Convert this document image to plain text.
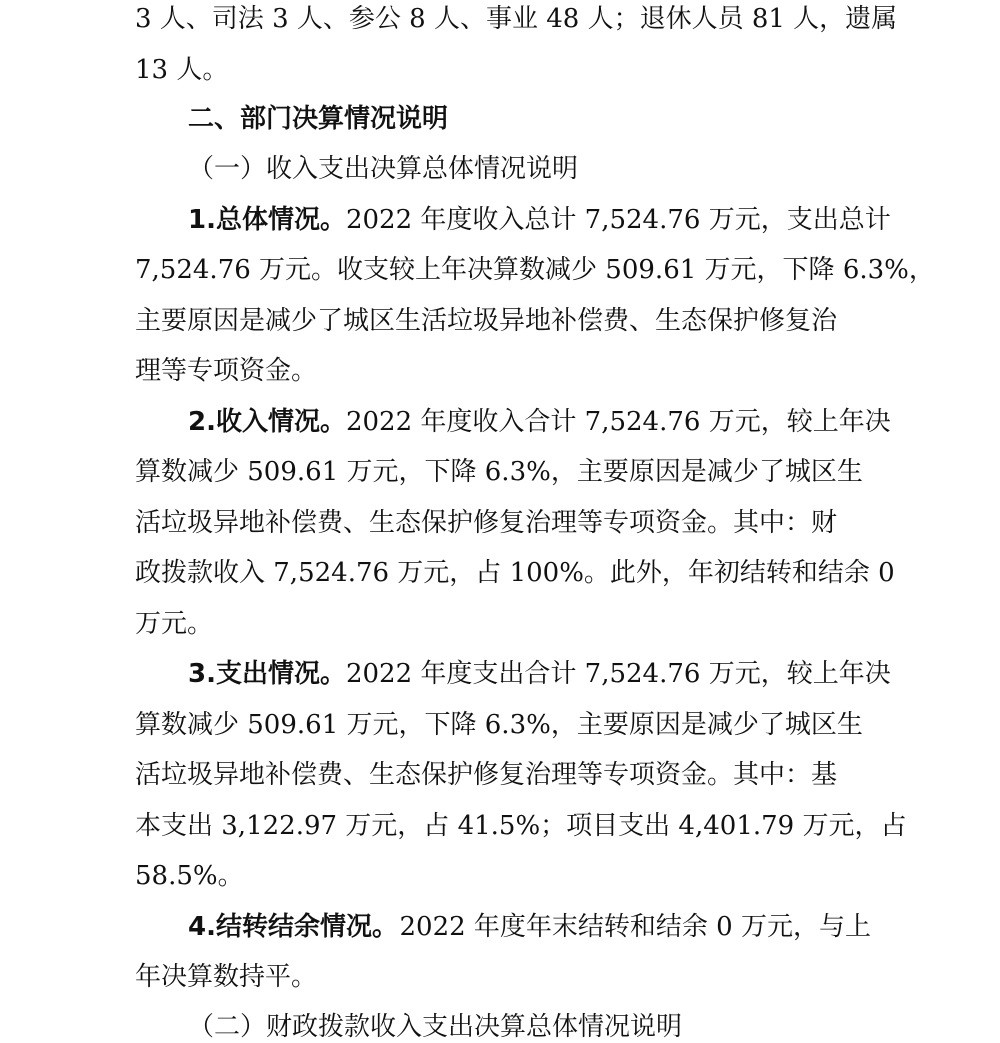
3 人、司法 3 人、参公 8 人、事业 48 人；退休人员 81 人，遗属
13 人。
二、部门决算情况说明
（一）收入支出决算总体情况说明
1.总体情况。 2022 年度收入总计 7,524.76 万元，支出总计
7,524.76 万元。收支较上年决算数减少 509.61 万元，下降 6.3%，
主要原因是减少了城区生活垃圾异地补偿费、生态保护修复治
理等专项资金。
2.收入情况。 2022 年度收入合计 7,524.76 万元，较上年决
算数减少 509.61 万元，下降 6.3%，主要原因是减少了城区生
活垃圾异地补偿费、生态保护修复治理等专项资金。其中：财
政拨款收入 7,524.76 万元，占 100%。此外，年初结转和结余 0
万元。
3.支出情况。 2022 年度支出合计 7,524.76 万元，较上年决
算数减少 509.61 万元，下降 6.3%，主要原因是减少了城区生
活垃圾异地补偿费、生态保护修复治理等专项资金。其中：基
本支出 3,122.97 万元，占 41.5%；项目支出 4,401.79 万元，占
58.5%。
4.结转结余情况。 2022 年度年末结转和结余 0 万元，与上
年决算数持平。
（二）财政拨款收入支出决算总体情况说明
